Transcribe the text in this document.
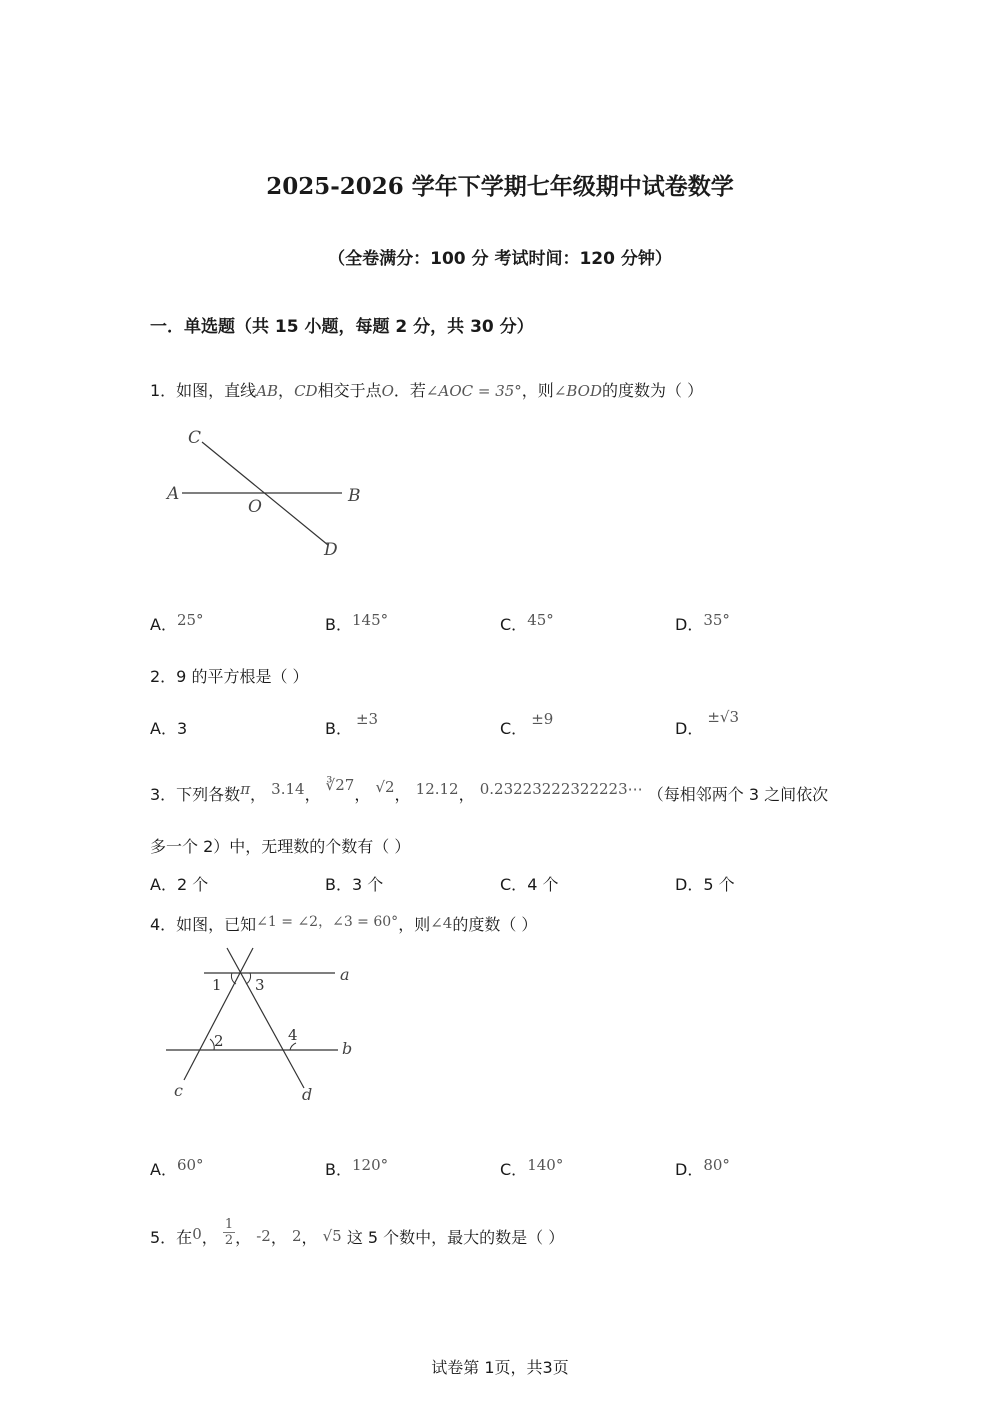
2025-2026 学年下学期七年级期中试卷数学
（全卷满分：100 分 考试时间：120 分钟）
一．单选题（共 15 小题，每题 2 分，共 30 分）
1．如图，直线AB，CD相交于点O．若∠AOC = 35°，则∠BOD的度数为（ ）
C
A
O
B
D
A．25°	B．145°	C．45°	D．35°
2．9 的平方根是（ ）
A．3	B． ±3	C． ±9	D．±√3
3．下列各数π， 3.14， ∛27， √2， 12.12， 0.23223222322223⋯ （每相邻两个 3 之间依次
多一个 2）中，无理数的个数有（ ）
A．2 个	B．3 个	C．4 个	D．5 个
4．如图，已知∠1 = ∠2，∠3 = 60°，则∠4的度数（ ）
a
b
c	d
1 3
2	4
A．60°	B．120°	C．140°	D．80°
5．在0， $\frac{1}{2}$ ， -2， 2， √5 这 5 个数中，最大的数是（ ）
试卷第 1页，共3页
